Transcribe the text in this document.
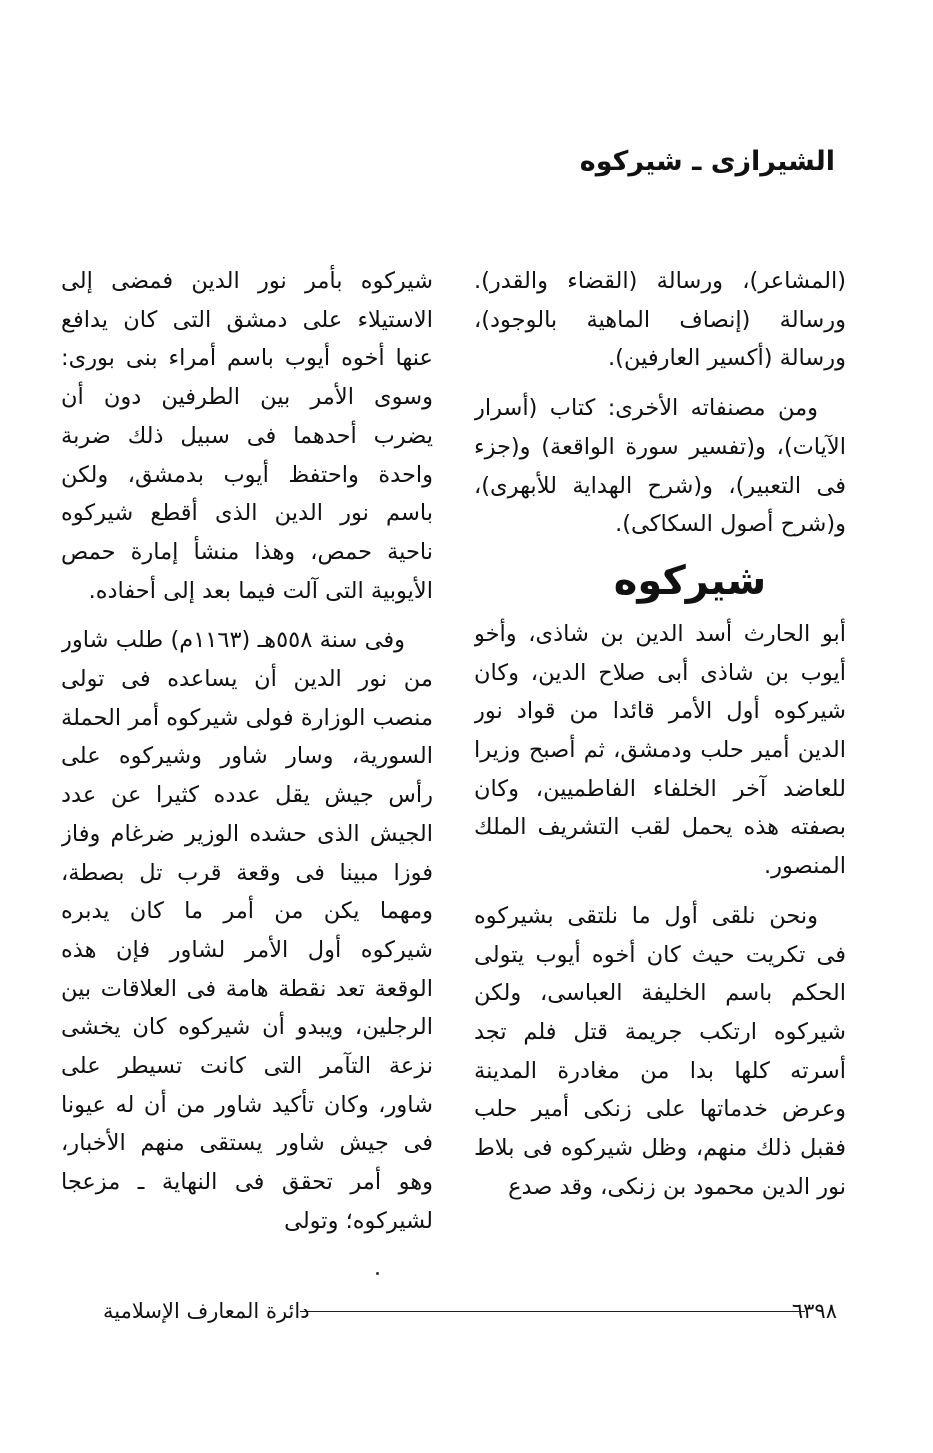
الشيرازى ـ شيركوه

(المشاعر)، ورسالة (القضاء والقدر). ورسالة (إنصاف الماهية بالوجود)، ورسالة (أكسير العارفين).

ومن مصنفاته الأخرى: كتاب (أسرار الآيات)، و(تفسير سورة الواقعة) و(جزء فى التعبير)، و(شرح الهداية للأبهرى)، و(شرح أصول السكاكى).

شيركوه

أبو الحارث أسد الدين بن شاذى، وأخو أيوب بن شاذى أبى صلاح الدين، وكان شيركوه أول الأمر قائدا من قواد نور الدين أمير حلب ودمشق، ثم أصبح وزيرا للعاضد آخر الخلفاء الفاطميين، وكان بصفته هذه يحمل لقب التشريف الملك المنصور.

ونحن نلقى أول ما نلتقى بشيركوه فى تكريت حيث كان أخوه أيوب يتولى الحكم باسم الخليفة العباسى، ولكن شيركوه ارتكب جريمة قتل فلم تجد أسرته كلها بدا من مغادرة المدينة وعرض خدماتها على زنكى أمير حلب فقبل ذلك منهم، وظل شيركوه فى بلاط نور الدين محمود بن زنكى، وقد صدع

شيركوه بأمر نور الدين فمضى إلى الاستيلاء على دمشق التى كان يدافع عنها أخوه أيوب باسم أمراء بنى بورى: وسوى الأمر بين الطرفين دون أن يضرب أحدهما فى سبيل ذلك ضربة واحدة واحتفظ أيوب بدمشق، ولكن باسم نور الدين الذى أقطع شيركوه ناحية حمص، وهذا منشأ إمارة حمص الأيوبية التى آلت فيما بعد إلى أحفاده.

وفى سنة ٥٥٨هـ (١١٦٣م) طلب شاور من نور الدين أن يساعده فى تولى منصب الوزارة فولى شيركوه أمر الحملة السورية، وسار شاور وشيركوه على رأس جيش يقل عدده كثيرا عن عدد الجيش الذى حشده الوزير ضرغام وفاز فوزا مبينا فى وقعة قرب تل بصطة، ومهما يكن من أمر ما كان يدبره شيركوه أول الأمر لشاور فإن هذه الوقعة تعد نقطة هامة فى العلاقات بين الرجلين، ويبدو أن شيركوه كان يخشى نزعة التآمر التى كانت تسيطر على شاور، وكان تأكيد شاور من أن له عيونا فى جيش شاور يستقى منهم الأخبار، وهو أمر تحقق فى النهاية ـ مزعجا لشيركوه؛ وتولى

٦٣٩٨
دائرة المعارف الإسلامية
